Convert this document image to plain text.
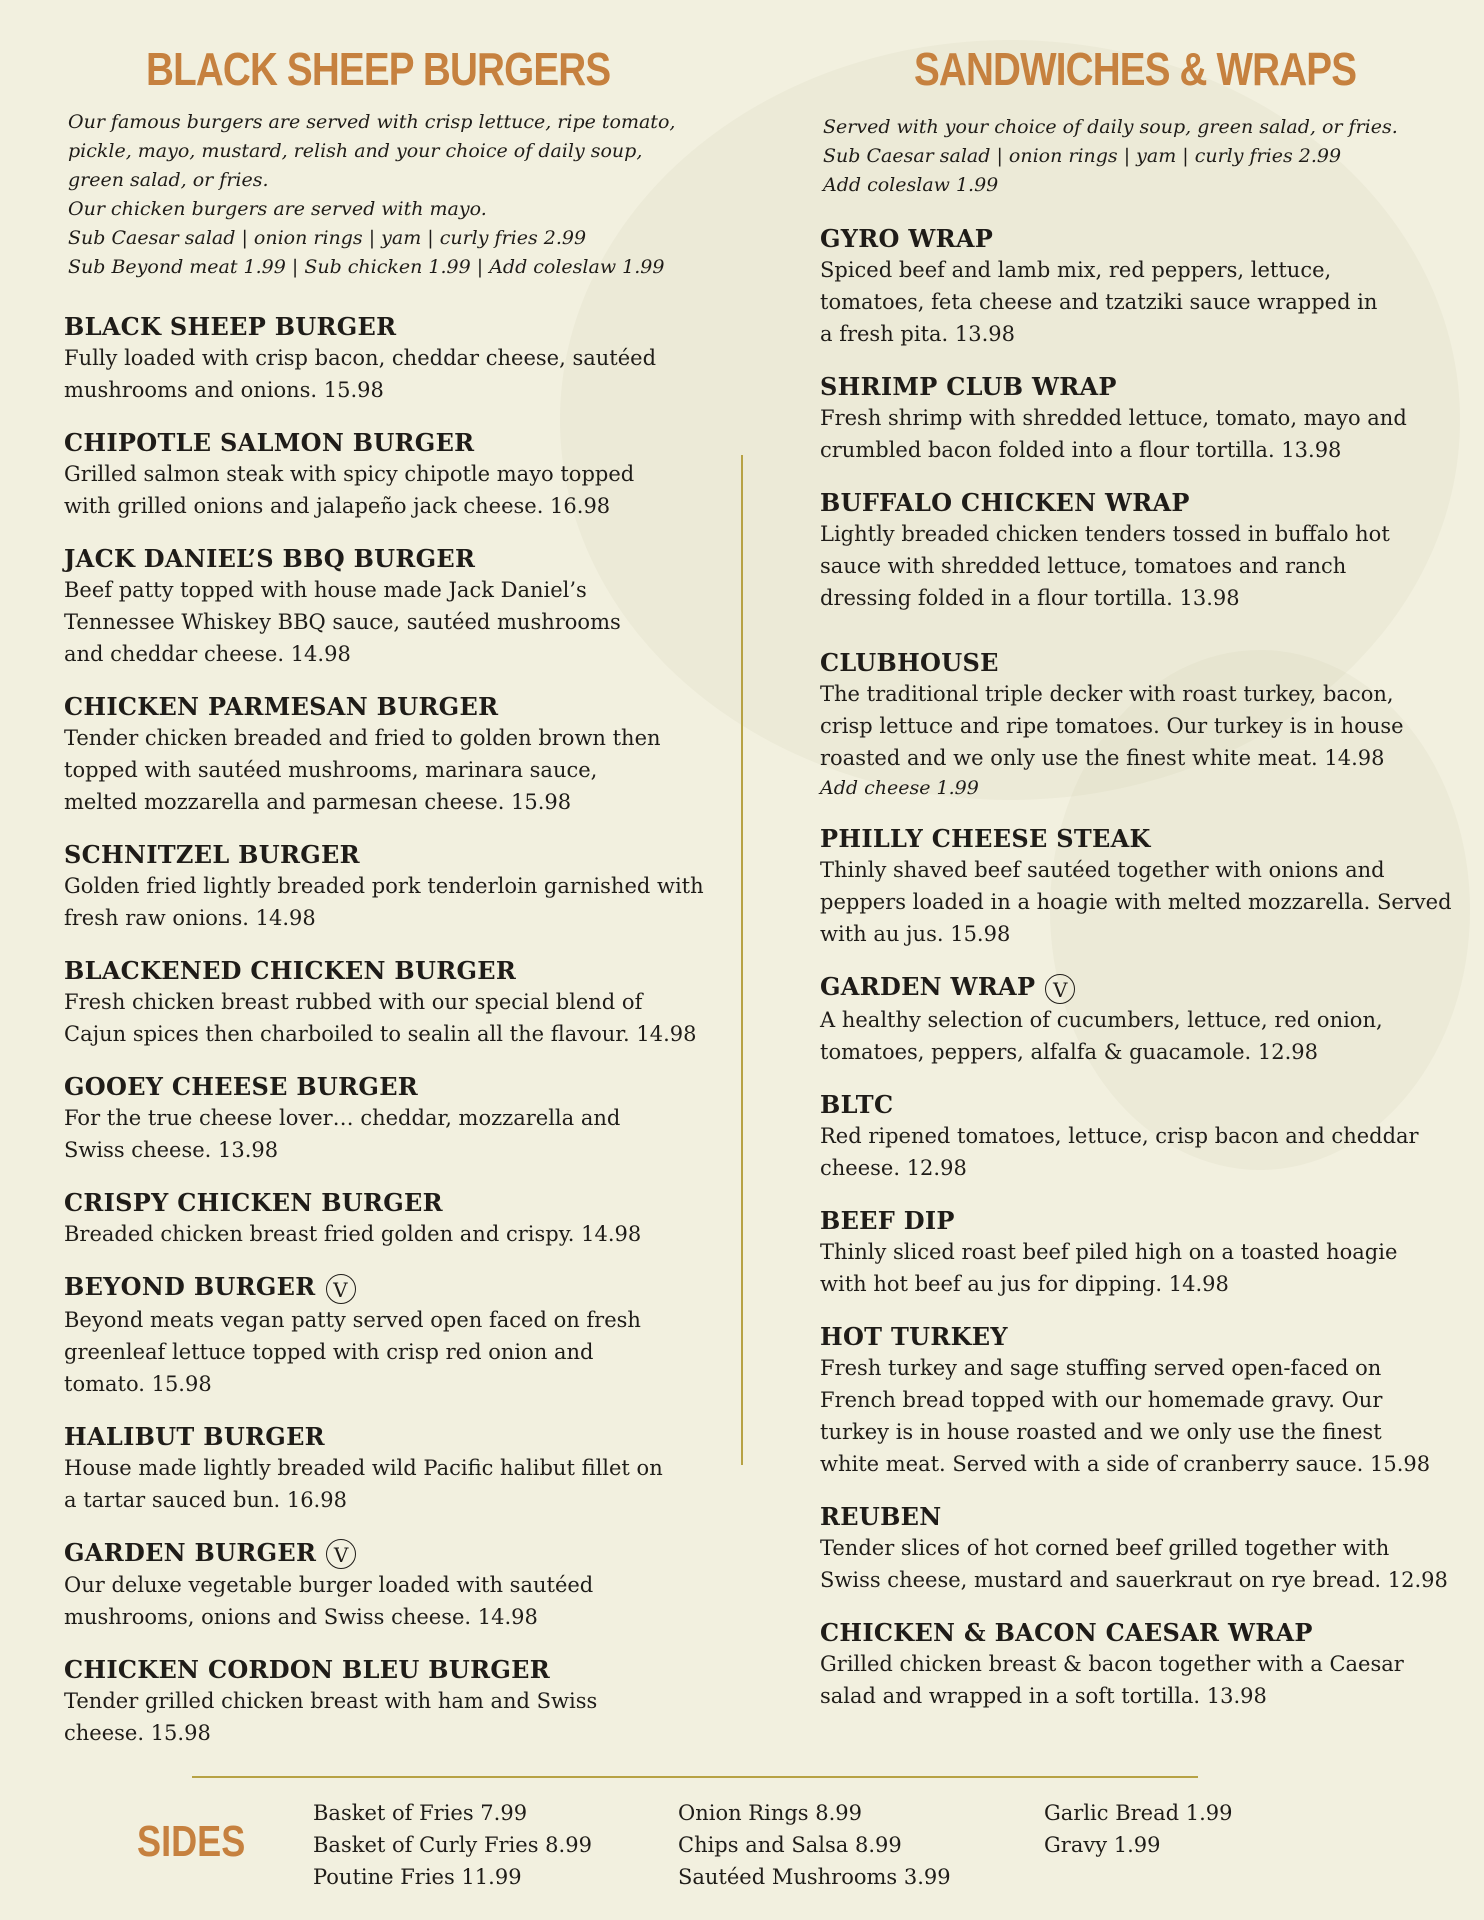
BLACK SHEEP BURGERS
Our famous burgers are served with crisp lettuce, ripe tomato,
pickle, mayo, mustard, relish and your choice of daily soup,
green salad, or fries.
Our chicken burgers are served with mayo.
Sub Caesar salad | onion rings | yam | curly fries 2.99
Sub Beyond meat 1.99 | Sub chicken 1.99 | Add coleslaw 1.99
BLACK SHEEP BURGER
Fully loaded with crisp bacon, cheddar cheese, sautéed
mushrooms and onions. 15.98
CHIPOTLE SALMON BURGER
Grilled salmon steak with spicy chipotle mayo topped
with grilled onions and jalapeño jack cheese. 16.98
JACK DANIEL’S BBQ BURGER
Beef patty topped with house made Jack Daniel’s
Tennessee Whiskey BBQ sauce, sautéed mushrooms
and cheddar cheese. 14.98
CHICKEN PARMESAN BURGER
Tender chicken breaded and fried to golden brown then
topped with sautéed mushrooms, marinara sauce,
melted mozzarella and parmesan cheese. 15.98
SCHNITZEL BURGER
Golden fried lightly breaded pork tenderloin garnished with
fresh raw onions. 14.98
BLACKENED CHICKEN BURGER
Fresh chicken breast rubbed with our special blend of
Cajun spices then charboiled to sealin all the flavour. 14.98
GOOEY CHEESE BURGER
For the true cheese lover… cheddar, mozzarella and
Swiss cheese. 13.98
CRISPY CHICKEN BURGER
Breaded chicken breast fried golden and crispy. 14.98
BEYOND BURGER V
Beyond meats vegan patty served open faced on fresh
greenleaf lettuce topped with crisp red onion and
tomato. 15.98
HALIBUT BURGER
House made lightly breaded wild Pacific halibut fillet on
a tartar sauced bun. 16.98
GARDEN BURGER V
Our deluxe vegetable burger loaded with sautéed
mushrooms, onions and Swiss cheese. 14.98
CHICKEN CORDON BLEU BURGER
Tender grilled chicken breast with ham and Swiss
cheese. 15.98
SANDWICHES & WRAPS
Served with your choice of daily soup, green salad, or fries.
Sub Caesar salad | onion rings | yam | curly fries 2.99
Add coleslaw 1.99
GYRO WRAP
Spiced beef and lamb mix, red peppers, lettuce,
tomatoes, feta cheese and tzatziki sauce wrapped in
a fresh pita. 13.98
SHRIMP CLUB WRAP
Fresh shrimp with shredded lettuce, tomato, mayo and
crumbled bacon folded into a flour tortilla. 13.98
BUFFALO CHICKEN WRAP
Lightly breaded chicken tenders tossed in buffalo hot
sauce with shredded lettuce, tomatoes and ranch
dressing folded in a flour tortilla. 13.98
CLUBHOUSE
The traditional triple decker with roast turkey, bacon,
crisp lettuce and ripe tomatoes. Our turkey is in house
roasted and we only use the finest white meat. 14.98
Add cheese 1.99
PHILLY CHEESE STEAK
Thinly shaved beef sautéed together with onions and
peppers loaded in a hoagie with melted mozzarella. Served
with au jus. 15.98
GARDEN WRAP V
A healthy selection of cucumbers, lettuce, red onion,
tomatoes, peppers, alfalfa & guacamole. 12.98
BLTC
Red ripened tomatoes, lettuce, crisp bacon and cheddar
cheese. 12.98
BEEF DIP
Thinly sliced roast beef piled high on a toasted hoagie
with hot beef au jus for dipping. 14.98
HOT TURKEY
Fresh turkey and sage stuffing served open-faced on
French bread topped with our homemade gravy. Our
turkey is in house roasted and we only use the finest
white meat. Served with a side of cranberry sauce. 15.98
REUBEN
Tender slices of hot corned beef grilled together with
Swiss cheese, mustard and sauerkraut on rye bread. 12.98
CHICKEN & BACON CAESAR WRAP
Grilled chicken breast & bacon together with a Caesar
salad and wrapped in a soft tortilla. 13.98
SIDES
Basket of Fries 7.99
Basket of Curly Fries 8.99
Poutine Fries 11.99
Onion Rings 8.99
Chips and Salsa 8.99
Sautéed Mushrooms 3.99
Garlic Bread 1.99
Gravy 1.99
